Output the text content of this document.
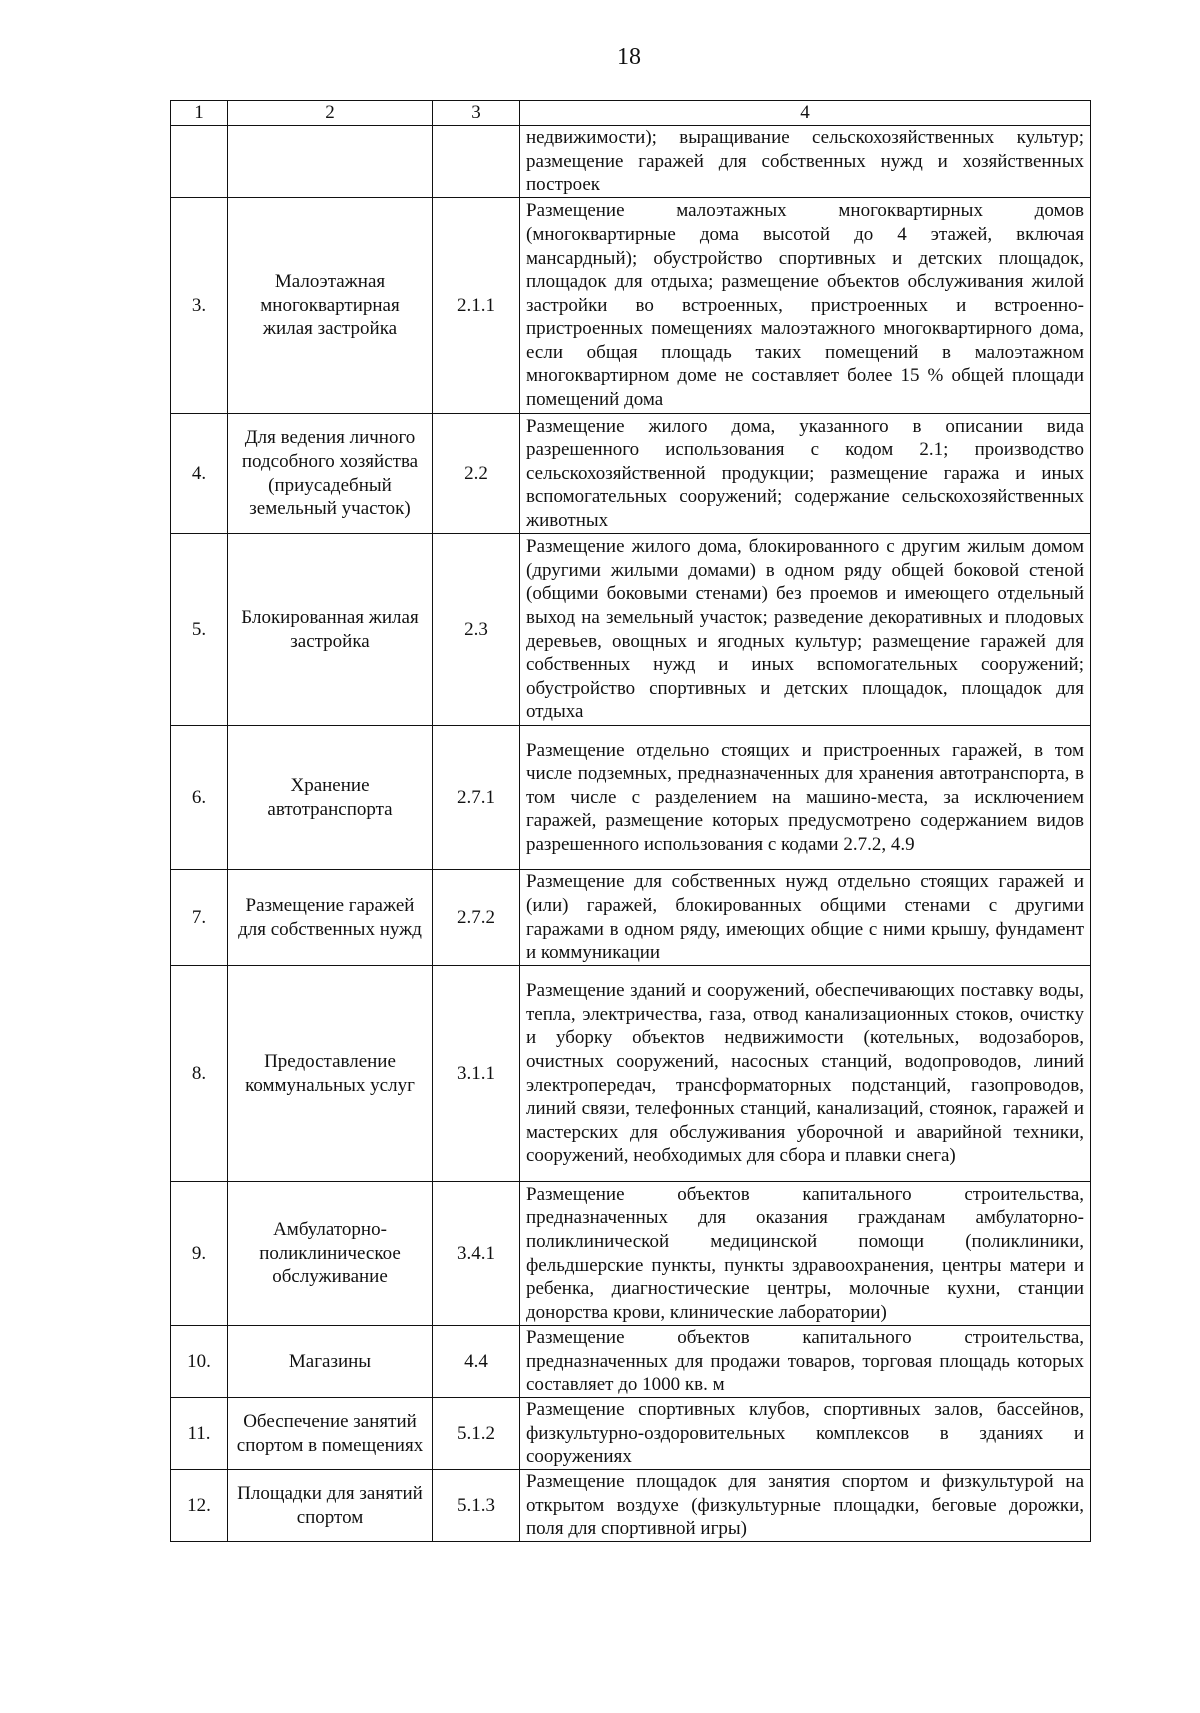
18
1	2	3	4
			недвижимости); выращивание сельскохозяйственных культур; размещение гаражей для собственных нужд и хозяйственных построек
3.	Малоэтажная многоквартирная жилая застройка	2.1.1	Размещение малоэтажных многоквартирных домов (многоквартирные дома высотой до 4 этажей, включая мансардный); обустройство спортивных и детских площадок, площадок для отдыха; размещение объектов обслуживания жилой застройки во встроенных, пристроенных и встроенно-пристроенных помещениях малоэтажного многоквартирного дома, если общая площадь таких помещений в малоэтажном многоквартирном доме не составляет более 15 % общей площади помещений дома
4.	Для ведения личного подсобного хозяйства (приусадебный земельный участок)	2.2	Размещение жилого дома, указанного в описании вида разрешенного использования с кодом 2.1; производство сельскохозяйственной продукции; размещение гаража и иных вспомогательных сооружений; содержание сельскохозяйственных животных
5.	Блокированная жилая застройка	2.3	Размещение жилого дома, блокированного с другим жилым домом (другими жилыми домами) в одном ряду общей боковой стеной (общими боковыми стенами) без проемов и имеющего отдельный выход на земельный участок; разведение декоративных и плодовых деревьев, овощных и ягодных культур; размещение гаражей для собственных нужд и иных вспомогательных сооружений; обустройство спортивных и детских площадок, площадок для отдыха
6.	Хранение автотранспорта	2.7.1	Размещение отдельно стоящих и пристроенных гаражей, в том числе подземных, предназначенных для хранения автотранспорта, в том числе с разделением на машино-места, за исключением гаражей, размещение которых предусмотрено содержанием видов разрешенного использования с кодами 2.7.2, 4.9
7.	Размещение гаражей для собственных нужд	2.7.2	Размещение для собственных нужд отдельно стоящих гаражей и (или) гаражей, блокированных общими стенами с другими гаражами в одном ряду, имеющих общие с ними крышу, фундамент и коммуникации
8.	Предоставление коммунальных услуг	3.1.1	Размещение зданий и сооружений, обеспечивающих поставку воды, тепла, электричества, газа, отвод канализационных стоков, очистку и уборку объектов недвижимости (котельных, водозаборов, очистных сооружений, насосных станций, водопроводов, линий электропередач, трансформаторных подстанций, газопроводов, линий связи, телефонных станций, канализаций, стоянок, гаражей и мастерских для обслуживания уборочной и аварийной техники, сооружений, необходимых для сбора и плавки снега)
9.	Амбулаторно-поликлиническое обслуживание	3.4.1	Размещение объектов капитального строительства, предназначенных для оказания гражданам амбулаторно-поликлинической медицинской помощи (поликлиники, фельдшерские пункты, пункты здравоохранения, центры матери и ребенка, диагностические центры, молочные кухни, станции донорства крови, клинические лаборатории)
10.	Магазины	4.4	Размещение объектов капитального строительства, предназначенных для продажи товаров, торговая площадь которых составляет до 1000 кв. м
11.	Обеспечение занятий спортом в помещениях	5.1.2	Размещение спортивных клубов, спортивных залов, бассейнов, физкультурно-оздоровительных комплексов в зданиях и сооружениях
12.	Площадки для занятий спортом	5.1.3	Размещение площадок для занятия спортом и физкультурой на открытом воздухе (физкультурные площадки, беговые дорожки, поля для спортивной игры)
